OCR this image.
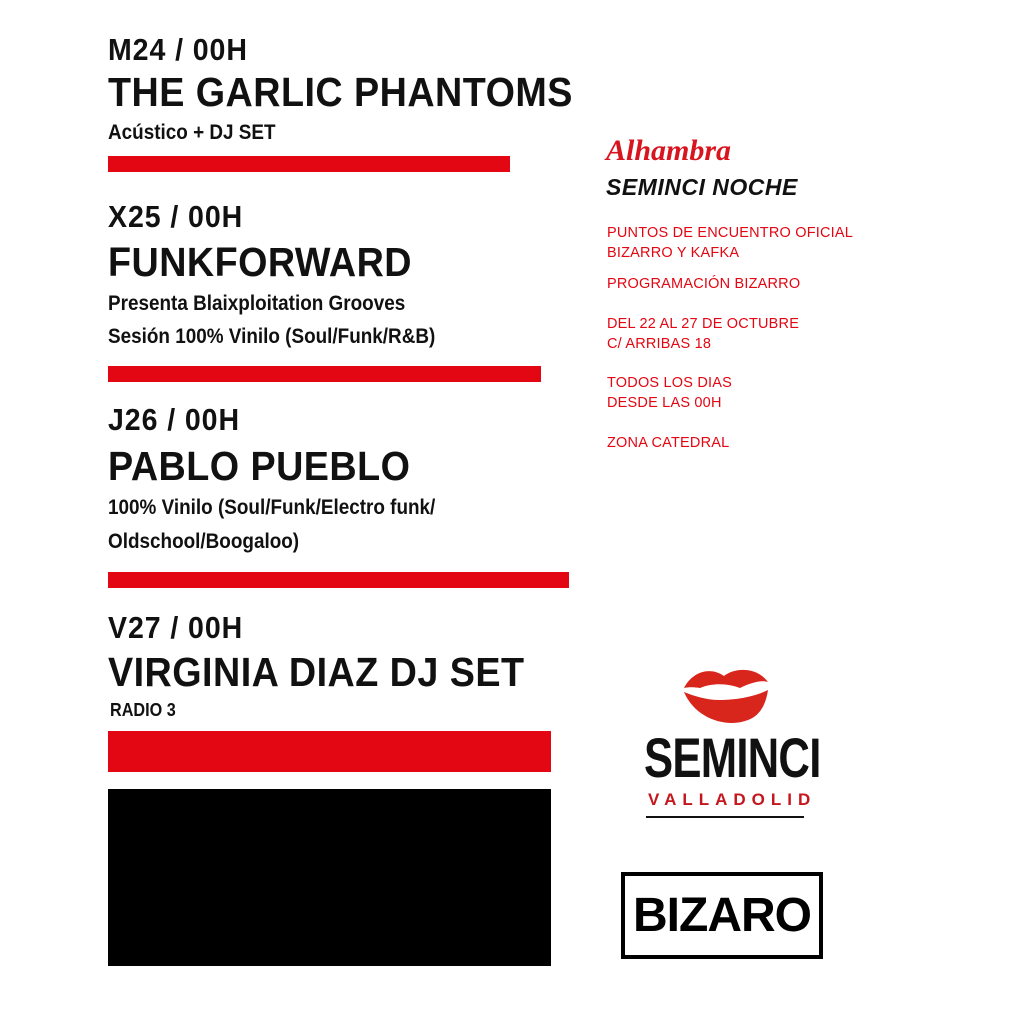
M24 / 00H
THE GARLIC PHANTOMS
Acústico + DJ SET
X25 / 00H
FUNKFORWARD
Presenta Blaixploitation Grooves
Sesión 100% Vinilo (Soul/Funk/R&B)
J26 / 00H
PABLO PUEBLO
100% Vinilo (Soul/Funk/Electro funk/
Oldschool/Boogaloo)
V27 / 00H
VIRGINIA DIAZ DJ SET
RADIO 3
Alhambra
SEMINCI NOCHE
PUNTOS DE ENCUENTRO OFICIAL
BIZARRO Y KAFKA
PROGRAMACIÓN BIZARRO
DEL 22 AL 27 DE OCTUBRE
C/ ARRIBAS 18
TODOS LOS DIAS
DESDE LAS 00H
ZONA CATEDRAL
SEMINCI
VALLADOLID
BIZARO
